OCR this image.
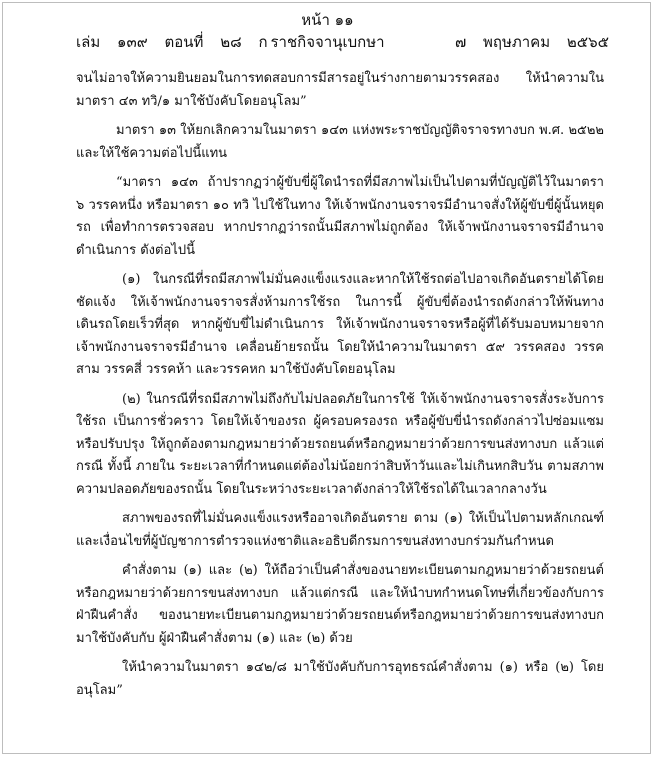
หน้า ๑๑
เล่ม ๑๓๙ ตอนที่ ๒๘ ก ราชกิจจานุเบกษา	๗ พฤษภาคม ๒๕๖๕

จนไม่อาจให้ความยินยอมในการทดสอบการมีสารอยู่ในร่างกายตามวรรคสอง ให้นำความในมาตรา ๔๓ ทวิ/๑ มาใช้บังคับโดยอนุโลม”

มาตรา ๑๓ ให้ยกเลิกความในมาตรา ๑๔๓ แห่งพระราชบัญญัติจราจรทางบก พ.ศ. ๒๕๒๒ และให้ใช้ความต่อไปนี้แทน

“มาตรา ๑๔๓ ถ้าปรากฏว่าผู้ขับขี่ผู้ใดนำรถที่มีสภาพไม่เป็นไปตามที่บัญญัติไว้ในมาตรา ๖ วรรคหนึ่ง หรือมาตรา ๑๐ ทวิ ไปใช้ในทาง ให้เจ้าพนักงานจราจรมีอำนาจสั่งให้ผู้ขับขี่ผู้นั้นหยุดรถ เพื่อทำการตรวจสอบ หากปรากฏว่ารถนั้นมีสภาพไม่ถูกต้อง ให้เจ้าพนักงานจราจรมีอำนาจดำเนินการ ดังต่อไปนี้

(๑) ในกรณีที่รถมีสภาพไม่มั่นคงแข็งแรงและหากให้ใช้รถต่อไปอาจเกิดอันตรายได้โดยชัดแจ้ง ให้เจ้าพนักงานจราจรสั่งห้ามการใช้รถ ในการนี้ ผู้ขับขี่ต้องนำรถดังกล่าวให้พ้นทางเดินรถโดยเร็วที่สุด หากผู้ขับขี่ไม่ดำเนินการ ให้เจ้าพนักงานจราจรหรือผู้ที่ได้รับมอบหมายจากเจ้าพนักงานจราจรมีอำนาจ เคลื่อนย้ายรถนั้น โดยให้นำความในมาตรา ๕๙ วรรคสอง วรรคสาม วรรคสี่ วรรคห้า และวรรคหก มาใช้บังคับโดยอนุโลม

(๒) ในกรณีที่รถมีสภาพไม่ถึงกับไม่ปลอดภัยในการใช้ ให้เจ้าพนักงานจราจรสั่งระงับการใช้รถ เป็นการชั่วคราว โดยให้เจ้าของรถ ผู้ครอบครองรถ หรือผู้ขับขี่นำรถดังกล่าวไปซ่อมแซมหรือปรับปรุง ให้ถูกต้องตามกฎหมายว่าด้วยรถยนต์หรือกฎหมายว่าด้วยการขนส่งทางบก แล้วแต่กรณี ทั้งนี้ ภายใน ระยะเวลาที่กำหนดแต่ต้องไม่น้อยกว่าสิบห้าวันและไม่เกินหกสิบวัน ตามสภาพความปลอดภัยของรถนั้น โดยในระหว่างระยะเวลาดังกล่าวให้ใช้รถได้ในเวลากลางวัน

สภาพของรถที่ไม่มั่นคงแข็งแรงหรืออาจเกิดอันตราย ตาม (๑) ให้เป็นไปตามหลักเกณฑ์ และเงื่อนไขที่ผู้บัญชาการตำรวจแห่งชาติและอธิบดีกรมการขนส่งทางบกร่วมกันกำหนด

คำสั่งตาม (๑) และ (๒) ให้ถือว่าเป็นคำสั่งของนายทะเบียนตามกฎหมายว่าด้วยรถยนต์ หรือกฎหมายว่าด้วยการขนส่งทางบก แล้วแต่กรณี และให้นำบทกำหนดโทษที่เกี่ยวข้องกับการฝ่าฝืนคำสั่ง ของนายทะเบียนตามกฎหมายว่าด้วยรถยนต์หรือกฎหมายว่าด้วยการขนส่งทางบก มาใช้บังคับกับ ผู้ฝ่าฝืนคำสั่งตาม (๑) และ (๒) ด้วย

ให้นำความในมาตรา ๑๔๒/๘ มาใช้บังคับกับการอุทธรณ์คำสั่งตาม (๑) หรือ (๒) โดยอนุโลม”
